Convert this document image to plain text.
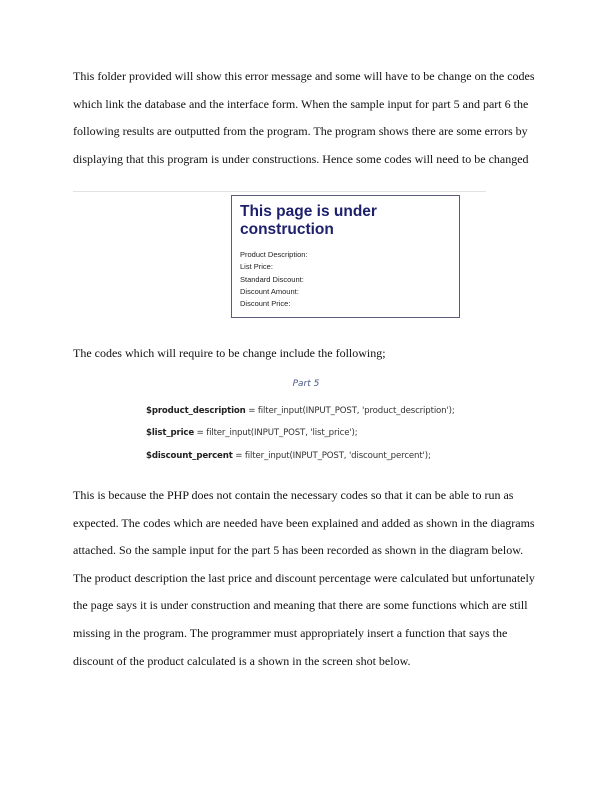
This folder provided will show this error message and some will have to be change on the codes
which link the database and the interface form. When the sample input for part 5 and part 6 the
following results are outputted from the program. The program shows there are some errors by
displaying that this program is under constructions. Hence some codes will need to be changed

This page is under construction
Product Description:
List Price:
Standard Discount:
Discount Amount:
Discount Price:

The codes which will require to be change include the following;

Part 5
$product_description = filter_input(INPUT_POST, 'product_description');
$list_price = filter_input(INPUT_POST, 'list_price');
$discount_percent = filter_input(INPUT_POST, 'discount_percent');

This is because the PHP does not contain the necessary codes so that it can be able to run as
expected. The codes which are needed have been explained and added as shown in the diagrams
attached. So the sample input for the part 5 has been recorded as shown in the diagram below.
The product description the last price and discount percentage were calculated but unfortunately
the page says it is under construction and meaning that there are some functions which are still
missing in the program. The programmer must appropriately insert a function that says the
discount of the product calculated is a shown in the screen shot below.
